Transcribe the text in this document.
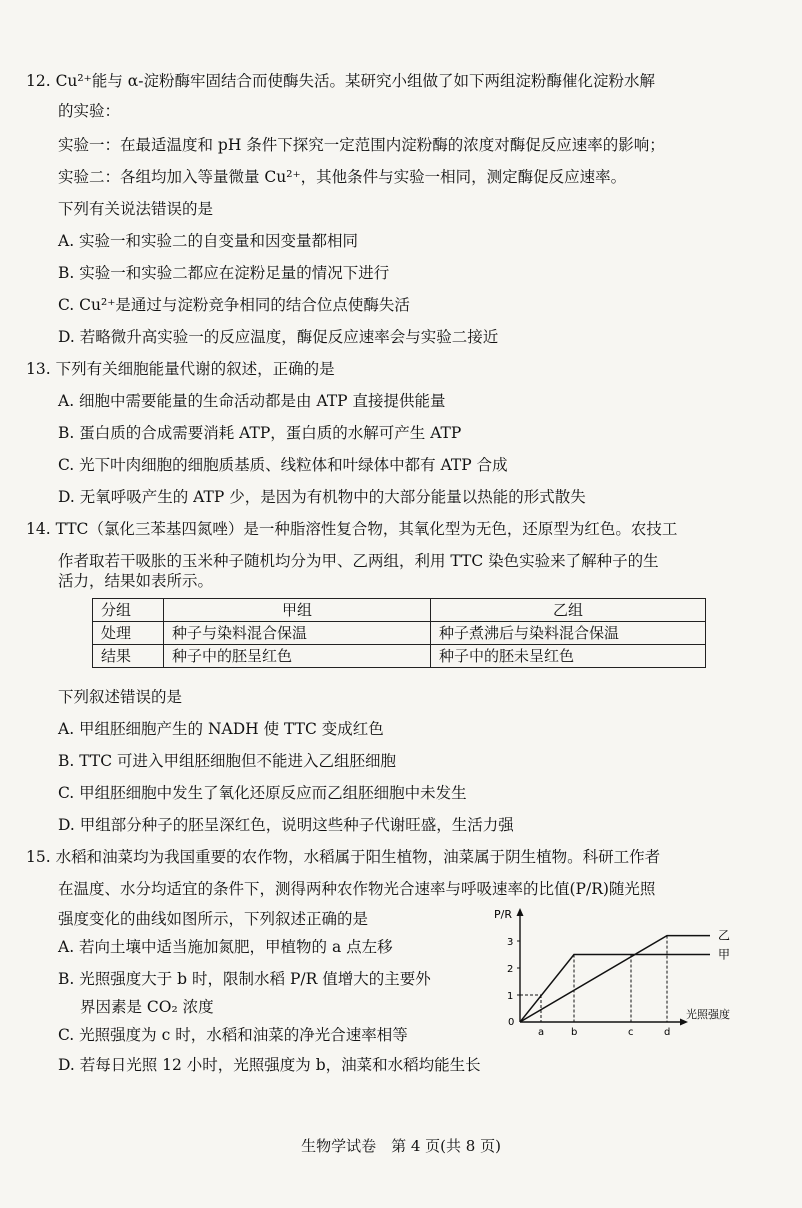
12. Cu²⁺能与 α-淀粉酶牢固结合而使酶失活。某研究小组做了如下两组淀粉酶催化淀粉水解
的实验：
实验一：在最适温度和 pH 条件下探究一定范围内淀粉酶的浓度对酶促反应速率的影响；
实验二：各组均加入等量微量 Cu²⁺，其他条件与实验一相同，测定酶促反应速率。
下列有关说法错误的是
A. 实验一和实验二的自变量和因变量都相同
B. 实验一和实验二都应在淀粉足量的情况下进行
C. Cu²⁺是通过与淀粉竞争相同的结合位点使酶失活
D. 若略微升高实验一的反应温度，酶促反应速率会与实验二接近
13. 下列有关细胞能量代谢的叙述，正确的是
A. 细胞中需要能量的生命活动都是由 ATP 直接提供能量
B. 蛋白质的合成需要消耗 ATP，蛋白质的水解可产生 ATP
C. 光下叶肉细胞的细胞质基质、线粒体和叶绿体中都有 ATP 合成
D. 无氧呼吸产生的 ATP 少，是因为有机物中的大部分能量以热能的形式散失
14. TTC（氯化三苯基四氮唑）是一种脂溶性复合物，其氧化型为无色，还原型为红色。农技工
作者取若干吸胀的玉米种子随机均分为甲、乙两组，利用 TTC 染色实验来了解种子的生
活力，结果如表所示。
分组	甲组	乙组
处理	种子与染料混合保温	种子煮沸后与染料混合保温
结果	种子中的胚呈红色	种子中的胚未呈红色
下列叙述错误的是
A. 甲组胚细胞产生的 NADH 使 TTC 变成红色
B. TTC 可进入甲组胚细胞但不能进入乙组胚细胞
C. 甲组胚细胞中发生了氧化还原反应而乙组胚细胞中未发生
D. 甲组部分种子的胚呈深红色，说明这些种子代谢旺盛，生活力强
15. 水稻和油菜均为我国重要的农作物，水稻属于阳生植物，油菜属于阴生植物。科研工作者
在温度、水分均适宜的条件下，测得两种农作物光合速率与呼吸速率的比值(P/R)随光照
强度变化的曲线如图所示，下列叙述正确的是
A. 若向土壤中适当施加氮肥，甲植物的 a 点左移
B. 光照强度大于 b 时，限制水稻 P/R 值增大的主要外
界因素是 CO₂ 浓度
C. 光照强度为 c 时，水稻和油菜的净光合速率相等
D. 若每日光照 12 小时，光照强度为 b，油菜和水稻均能生长
P/R
光照强度
0
1
2
3
a	b	c	d
甲
乙
生物学试卷　第 4 页(共 8 页)
